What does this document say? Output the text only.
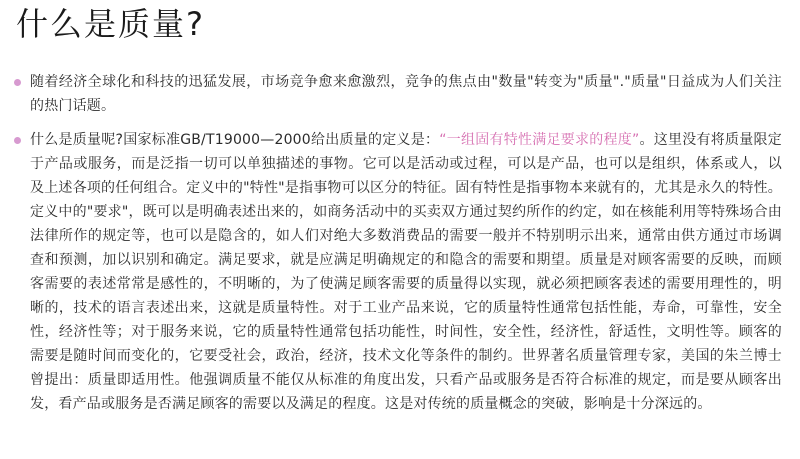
什么是质量?
随着经济全球化和科技的迅猛发展，市场竞争愈来愈激烈，竞争的焦点由"数量"转变为"质量"."质量"日益成为人们关注的热门话题。
什么是质量呢?国家标准GB/T19000—2000给出质量的定义是：“一组固有特性满足要求的程度”。这里没有将质量限定于产品或服务，而是泛指一切可以单独描述的事物。它可以是活动或过程，可以是产品，也可以是组织，体系或人，以及上述各项的任何组合。定义中的"特性"是指事物可以区分的特征。固有特性是指事物本来就有的，尤其是永久的特性。定义中的"要求"，既可以是明确表述出来的，如商务活动中的买卖双方通过契约所作的约定，如在核能利用等特殊场合由法律所作的规定等，也可以是隐含的，如人们对绝大多数消费品的需要一般并不特别明示出来，通常由供方通过市场调查和预测，加以识别和确定。满足要求，就是应满足明确规定的和隐含的需要和期望。质量是对顾客需要的反映，而顾客需要的表述常常是感性的，不明晰的，为了使满足顾客需要的质量得以实现，就必须把顾客表述的需要用理性的，明晰的，技术的语言表述出来，这就是质量特性。对于工业产品来说，它的质量特性通常包括性能，寿命，可靠性，安全性，经济性等；对于服务来说，它的质量特性通常包括功能性，时间性，安全性，经济性，舒适性，文明性等。顾客的需要是随时间而变化的，它要受社会，政治，经济，技术文化等条件的制约。世界著名质量管理专家，美国的朱兰博士曾提出：质量即适用性。他强调质量不能仅从标准的角度出发，只看产品或服务是否符合标准的规定，而是要从顾客出发，看产品或服务是否满足顾客的需要以及满足的程度。这是对传统的质量概念的突破，影响是十分深远的。
